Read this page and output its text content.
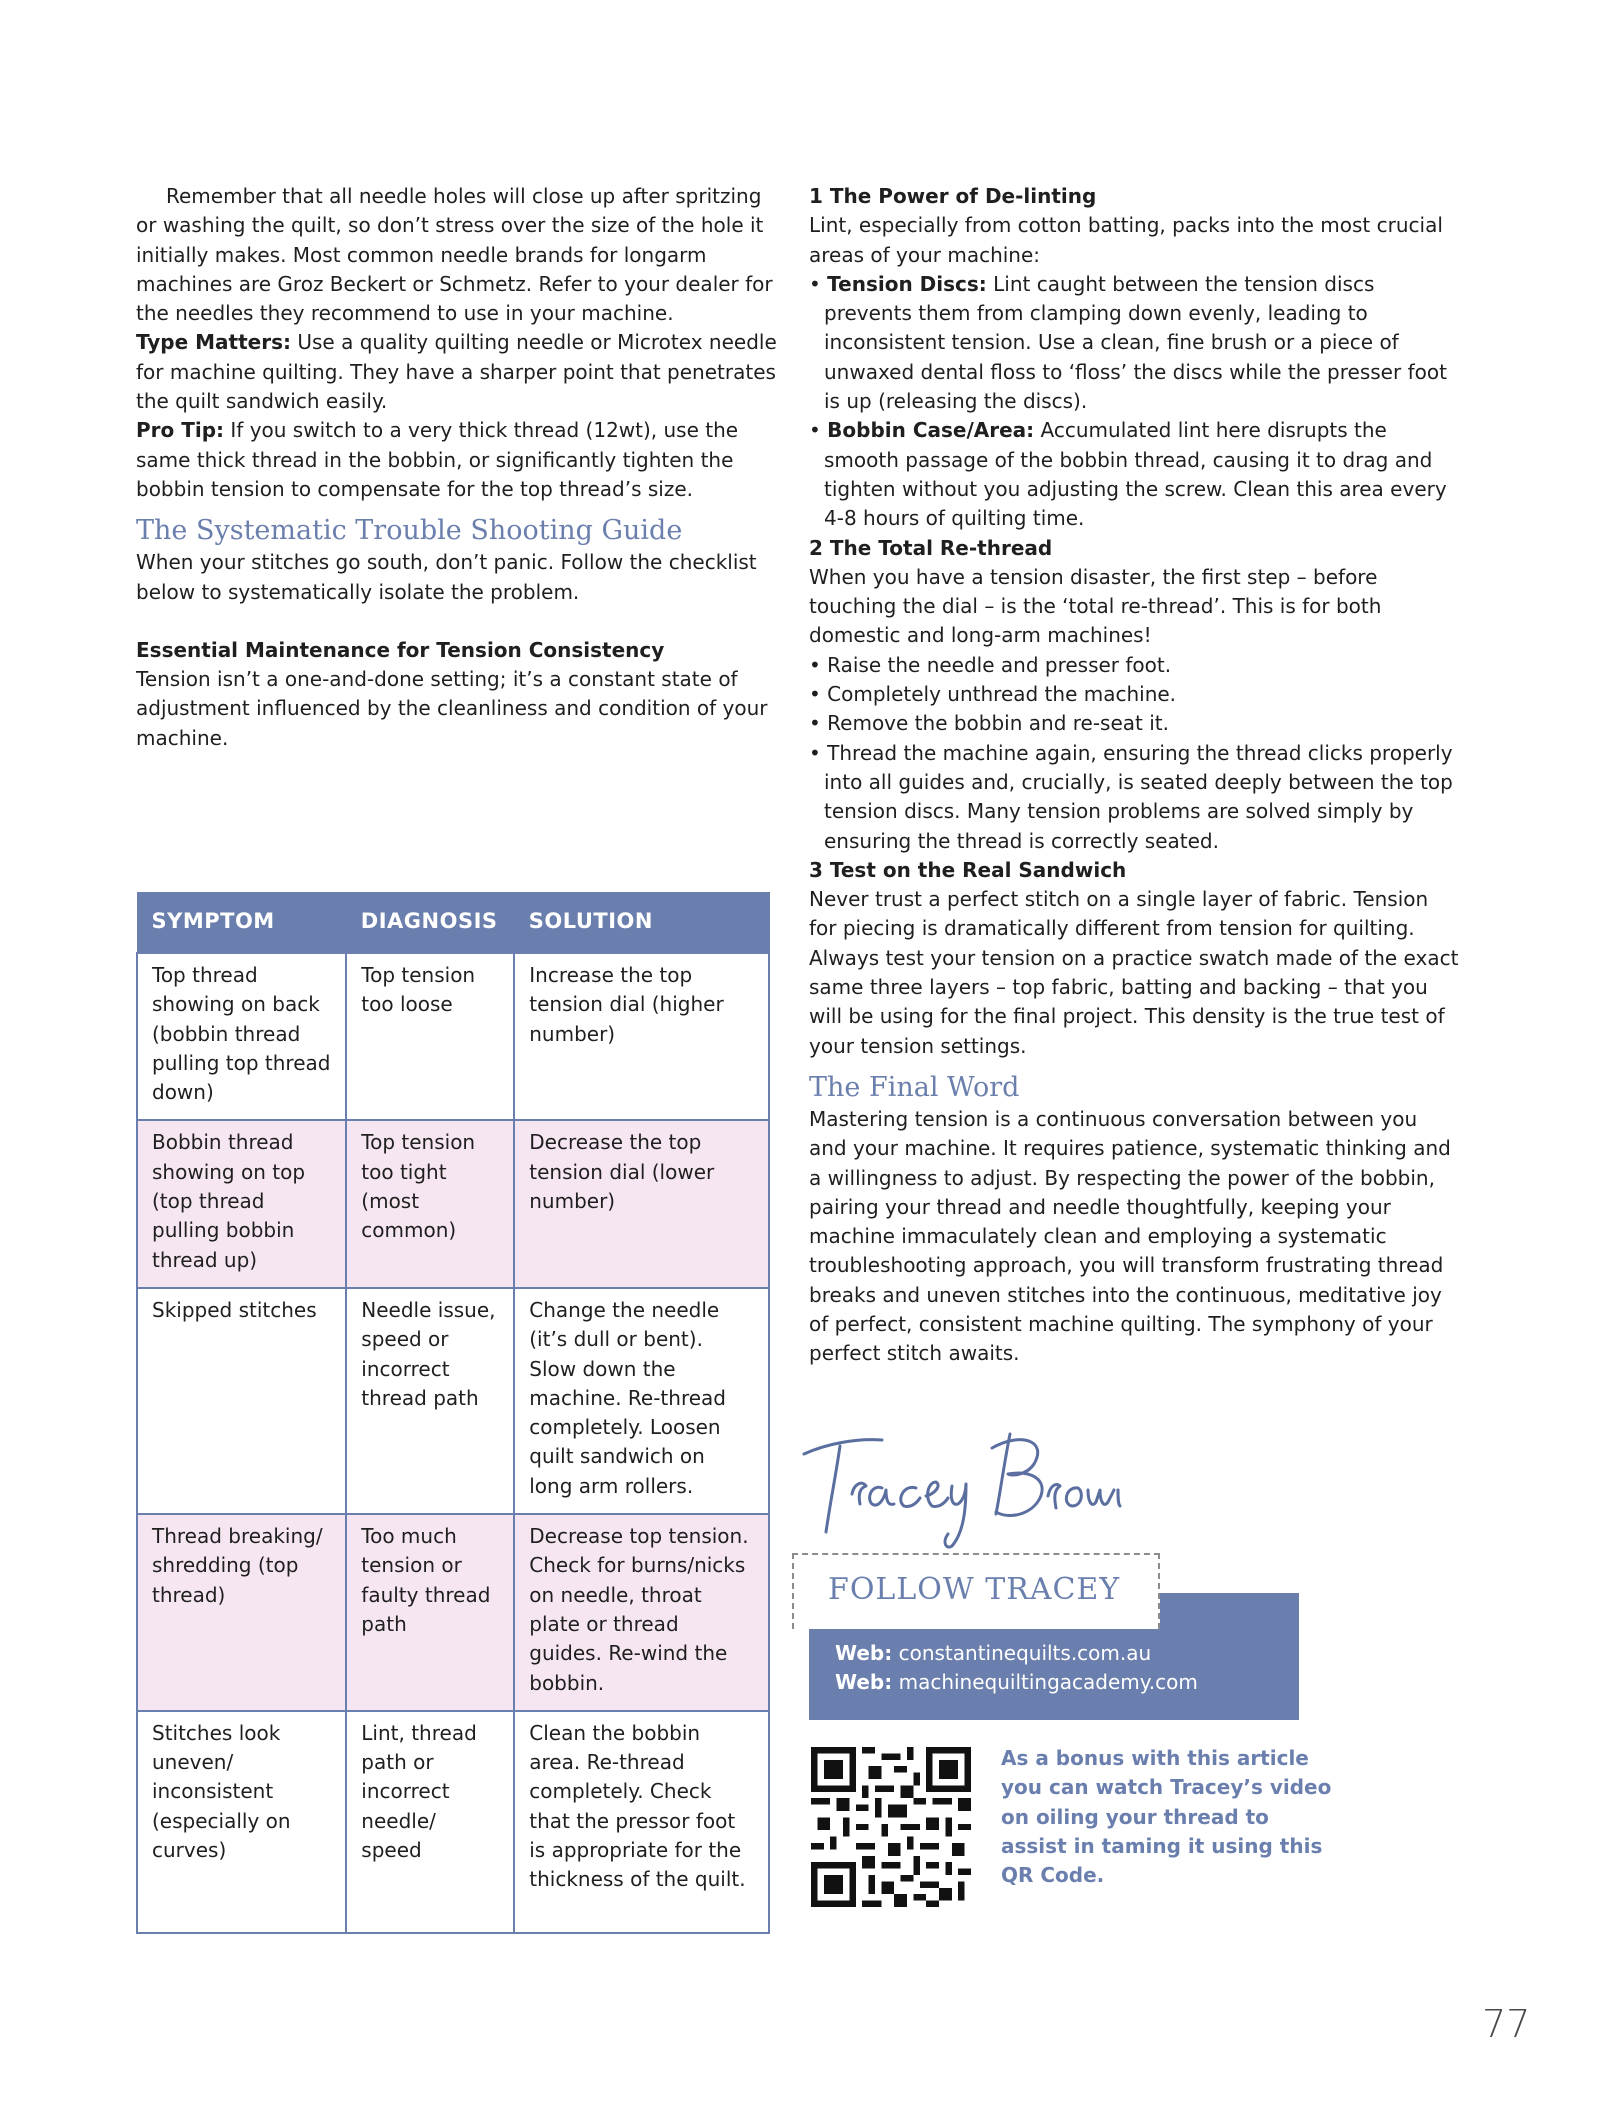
Remember that all needle holes will close up after spritzing or washing the quilt, so don’t stress over the size of the hole it initially makes. Most common needle brands for longarm machines are Groz Beckert or Schmetz. Refer to your dealer for the needles they recommend to use in your machine.

Type Matters: Use a quality quilting needle or Microtex needle for machine quilting. They have a sharper point that penetrates the quilt sandwich easily.

Pro Tip: If you switch to a very thick thread (12wt), use the same thick thread in the bobbin, or significantly tighten the bobbin tension to compensate for the top thread’s size.

The Systematic Trouble Shooting Guide

When your stitches go south, don’t panic. Follow the checklist below to systematically isolate the problem.

Essential Maintenance for Tension Consistency

Tension isn’t a one-and-done setting; it’s a constant state of adjustment influenced by the cleanliness and condition of your machine.

SYMPTOM	DIAGNOSIS	SOLUTION
Top thread showing on back (bobbin thread pulling top thread down)	Top tension too loose	Increase the top tension dial (higher number)
Bobbin thread showing on top (top thread pulling bobbin thread up)	Top tension too tight (most common)	Decrease the top tension dial (lower number)
Skipped stitches	Needle issue, speed or incorrect thread path	Change the needle (it’s dull or bent). Slow down the machine. Re-thread completely. Loosen quilt sandwich on long arm rollers.
Thread breaking/ shredding (top thread)	Too much tension or faulty thread path	Decrease top tension. Check for burns/nicks on needle, throat plate or thread guides. Re-wind the bobbin.
Stitches look uneven/ inconsistent (especially on curves)	Lint, thread path or incorrect needle/ speed	Clean the bobbin area. Re-thread completely. Check that the pressor foot is appropriate for the thickness of the quilt.

1 The Power of De-linting

Lint, especially from cotton batting, packs into the most crucial areas of your machine:

• Tension Discs: Lint caught between the tension discs prevents them from clamping down evenly, leading to inconsistent tension. Use a clean, fine brush or a piece of unwaxed dental floss to ‘floss’ the discs while the presser foot is up (releasing the discs).

• Bobbin Case/Area: Accumulated lint here disrupts the smooth passage of the bobbin thread, causing it to drag and tighten without you adjusting the screw. Clean this area every 4-8 hours of quilting time.

2 The Total Re-thread

When you have a tension disaster, the first step – before touching the dial – is the ‘total re-thread’. This is for both domestic and long-arm machines!

• Raise the needle and presser foot.

• Completely unthread the machine.

• Remove the bobbin and re-seat it.

• Thread the machine again, ensuring the thread clicks properly into all guides and, crucially, is seated deeply between the top tension discs. Many tension problems are solved simply by ensuring the thread is correctly seated.

3 Test on the Real Sandwich

Never trust a perfect stitch on a single layer of fabric. Tension for piecing is dramatically different from tension for quilting. Always test your tension on a practice swatch made of the exact same three layers – top fabric, batting and backing – that you will be using for the final project. This density is the true test of your tension settings.

The Final Word

Mastering tension is a continuous conversation between you and your machine. It requires patience, systematic thinking and a willingness to adjust. By respecting the power of the bobbin, pairing your thread and needle thoughtfully, keeping your machine immaculately clean and employing a systematic troubleshooting approach, you will transform frustrating thread breaks and uneven stitches into the continuous, meditative joy of perfect, consistent machine quilting. The symphony of your perfect stitch awaits.

Web: constantinequilts.com.au
Web: machinequiltingacademy.com
FOLLOW TRACEY
As a bonus with this article you can watch Tracey’s video on oiling your thread to assist in taming it using this QR Code.
77
